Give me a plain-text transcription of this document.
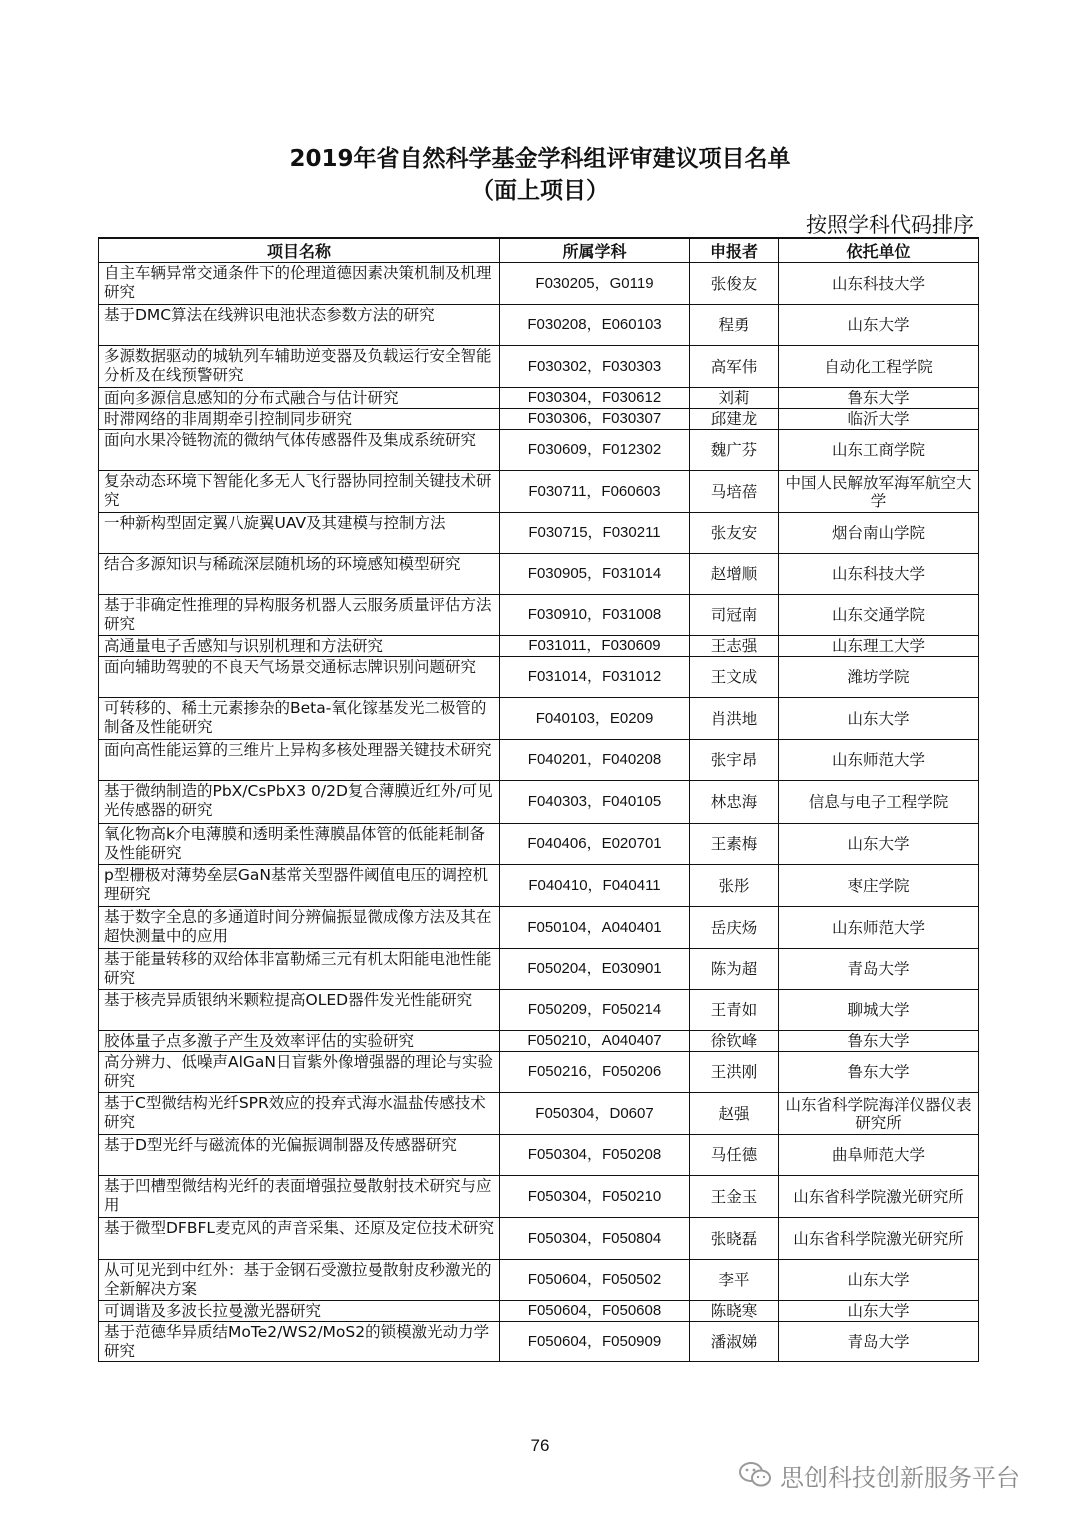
2019年省自然科学基金学科组评审建议项目名单
（面上项目）
按照学科代码排序
项目名称	所属学科	申报者	依托单位

自主车辆异常交通条件下的伦理道德因素决策机制及机理研究	F030205，G0119	张俊友	山东科技大学

基于DMC算法在线辨识电池状态参数方法的研究	F030208，E060103	程勇	山东大学

多源数据驱动的城轨列车辅助逆变器及负载运行安全智能分析及在线预警研究	F030302，F030303	高军伟	自动化工程学院

面向多源信息感知的分布式融合与估计研究	F030304，F030612	刘莉	鲁东大学

时滞网络的非周期牵引控制同步研究	F030306，F030307	邱建龙	临沂大学

面向水果冷链物流的微纳气体传感器件及集成系统研究	F030609，F012302	魏广芬	山东工商学院

复杂动态环境下智能化多无人飞行器协同控制关键技术研究	F030711，F060603	马培蓓	中国人民解放军海军航空大学

一种新构型固定翼八旋翼UAV及其建模与控制方法	F030715，F030211	张友安	烟台南山学院

结合多源知识与稀疏深层随机场的环境感知模型研究	F030905，F031014	赵增顺	山东科技大学

基于非确定性推理的异构服务机器人云服务质量评估方法研究	F030910，F031008	司冠南	山东交通学院

高通量电子舌感知与识别机理和方法研究	F031011，F030609	王志强	山东理工大学

面向辅助驾驶的不良天气场景交通标志牌识别问题研究	F031014，F031012	王文成	潍坊学院

可转移的、稀土元素掺杂的Beta-氧化镓基发光二极管的制备及性能研究	F040103，E0209	肖洪地	山东大学

面向高性能运算的三维片上异构多核处理器关键技术研究	F040201，F040208	张宇昂	山东师范大学

基于微纳制造的PbX/CsPbX3 0/2D复合薄膜近红外/可见光传感器的研究	F040303，F040105	林忠海	信息与电子工程学院

氧化物高k介电薄膜和透明柔性薄膜晶体管的低能耗制备及性能研究	F040406，E020701	王素梅	山东大学

p型栅极对薄势垒层GaN基常关型器件阈值电压的调控机理研究	F040410，F040411	张彤	枣庄学院

基于数字全息的多通道时间分辨偏振显微成像方法及其在超快测量中的应用	F050104，A040401	岳庆炀	山东师范大学

基于能量转移的双给体非富勒烯三元有机太阳能电池性能研究	F050204，E030901	陈为超	青岛大学

基于核壳异质银纳米颗粒提高OLED器件发光性能研究	F050209，F050214	王青如	聊城大学

胶体量子点多激子产生及效率评估的实验研究	F050210，A040407	徐钦峰	鲁东大学

高分辨力、低噪声AlGaN日盲紫外像增强器的理论与实验研究	F050216，F050206	王洪刚	鲁东大学

基于C型微结构光纤SPR效应的投弃式海水温盐传感技术研究	F050304，D0607	赵强	山东省科学院海洋仪器仪表研究所

基于D型光纤与磁流体的光偏振调制器及传感器研究	F050304，F050208	马任德	曲阜师范大学

基于凹槽型微结构光纤的表面增强拉曼散射技术研究与应用	F050304，F050210	王金玉	山东省科学院激光研究所

基于微型DFBFL麦克风的声音采集、还原及定位技术研究	F050304，F050804	张晓磊	山东省科学院激光研究所

从可见光到中红外：基于金钢石受激拉曼散射皮秒激光的全新解决方案	F050604，F050502	李平	山东大学

可调谐及多波长拉曼激光器研究	F050604，F050608	陈晓寒	山东大学

基于范德华异质结MoTe2/WS2/MoS2的锁模激光动力学研究	F050604，F050909	潘淑娣	青岛大学
76
思创科技创新服务平台
